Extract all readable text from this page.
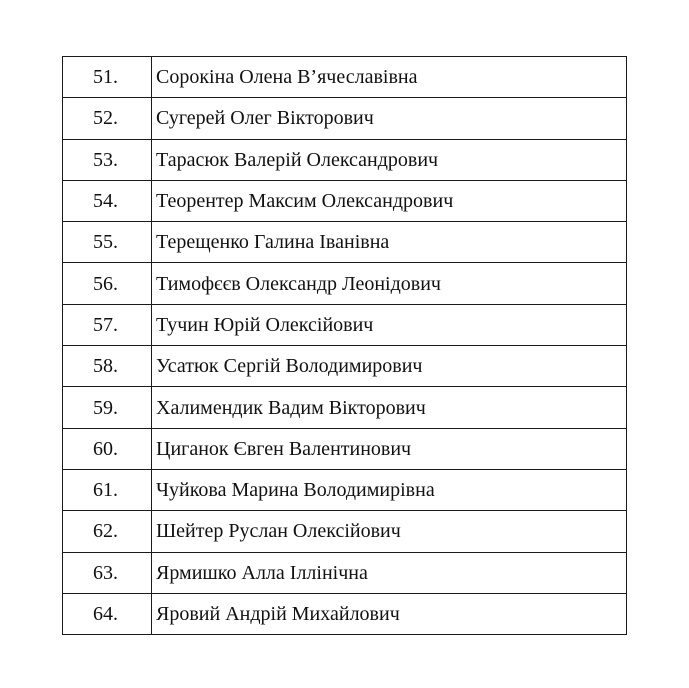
51.	Сорокіна Олена В’ячеславівна
52.	Сугерей Олег Вікторович
53.	Тарасюк Валерій Олександрович
54.	Теорентер Максим Олександрович
55.	Терещенко Галина Іванівна
56.	Тимофєєв Олександр Леонідович
57.	Тучин Юрій Олексійович
58.	Усатюк Сергій Володимирович
59.	Халимендик Вадим Вікторович
60.	Циганок Євген Валентинович
61.	Чуйкова Марина Володимирівна
62.	Шейтер Руслан Олексійович
63.	Ярмишко Алла Іллінічна
64.	Яровий Андрій Михайлович
